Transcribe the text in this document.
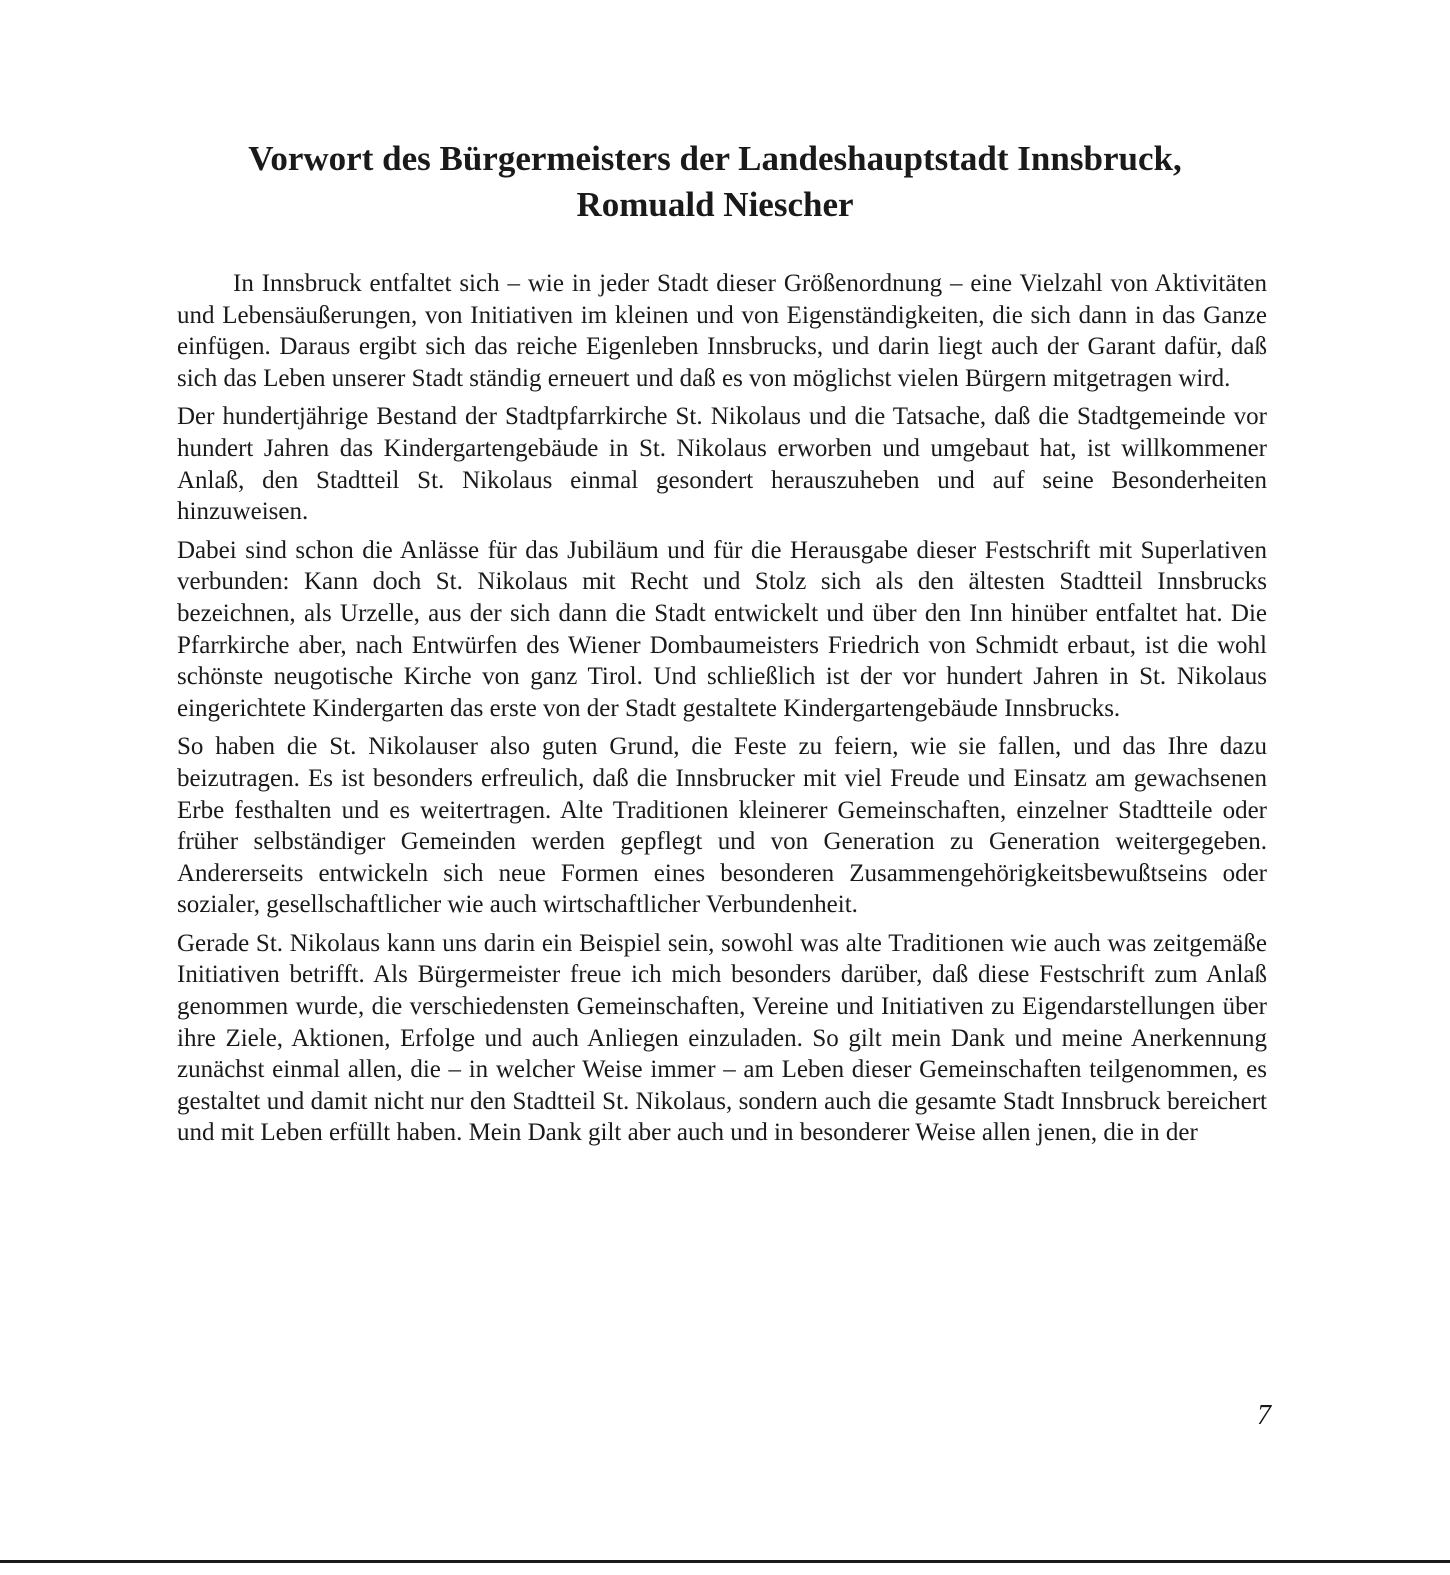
Vorwort des Bürgermeisters der Landeshauptstadt Innsbruck,
Romuald Niescher

In Innsbruck entfaltet sich – wie in jeder Stadt dieser Größenordnung – eine Vielzahl von Aktivitäten und Lebensäußerungen, von Initiativen im kleinen und von Eigenständigkeiten, die sich dann in das Ganze einfügen. Daraus ergibt sich das reiche Eigenleben Innsbrucks, und darin liegt auch der Garant dafür, daß sich das Leben unserer Stadt ständig erneuert und daß es von möglichst vielen Bürgern mitgetragen wird.

Der hundertjährige Bestand der Stadtpfarrkirche St. Nikolaus und die Tatsache, daß die Stadtgemeinde vor hundert Jahren das Kindergartengebäude in St. Nikolaus erworben und umgebaut hat, ist willkommener Anlaß, den Stadtteil St. Nikolaus einmal gesondert herauszuheben und auf seine Besonderheiten hinzuweisen.

Dabei sind schon die Anlässe für das Jubiläum und für die Herausgabe dieser Festschrift mit Superlativen verbunden: Kann doch St. Nikolaus mit Recht und Stolz sich als den ältesten Stadtteil Innsbrucks bezeichnen, als Urzelle, aus der sich dann die Stadt entwickelt und über den Inn hinüber entfaltet hat. Die Pfarrkirche aber, nach Entwürfen des Wiener Dombaumeisters Friedrich von Schmidt erbaut, ist die wohl schönste neugotische Kirche von ganz Tirol. Und schließlich ist der vor hundert Jahren in St. Nikolaus eingerichtete Kindergarten das erste von der Stadt gestaltete Kindergartengebäude Innsbrucks.

So haben die St. Nikolauser also guten Grund, die Feste zu feiern, wie sie fallen, und das Ihre dazu beizutragen. Es ist besonders erfreulich, daß die Innsbrucker mit viel Freude und Einsatz am gewachsenen Erbe festhalten und es weitertragen. Alte Traditionen kleinerer Gemeinschaften, einzelner Stadtteile oder früher selbständiger Gemeinden werden gepflegt und von Generation zu Generation weitergegeben. Andererseits entwickeln sich neue Formen eines besonderen Zusammengehörigkeitsbewußtseins oder sozialer, gesellschaftlicher wie auch wirtschaftlicher Verbundenheit.

Gerade St. Nikolaus kann uns darin ein Beispiel sein, sowohl was alte Traditionen wie auch was zeitgemäße Initiativen betrifft. Als Bürgermeister freue ich mich besonders darüber, daß diese Festschrift zum Anlaß genommen wurde, die verschiedensten Gemeinschaften, Vereine und Initiativen zu Eigendarstellungen über ihre Ziele, Aktionen, Erfolge und auch Anliegen einzuladen. So gilt mein Dank und meine Anerkennung zunächst einmal allen, die – in welcher Weise immer – am Leben dieser Gemeinschaften teilgenommen, es gestaltet und damit nicht nur den Stadtteil St. Nikolaus, sondern auch die gesamte Stadt Innsbruck bereichert und mit Leben erfüllt haben. Mein Dank gilt aber auch und in besonderer Weise allen jenen, die in der

7
